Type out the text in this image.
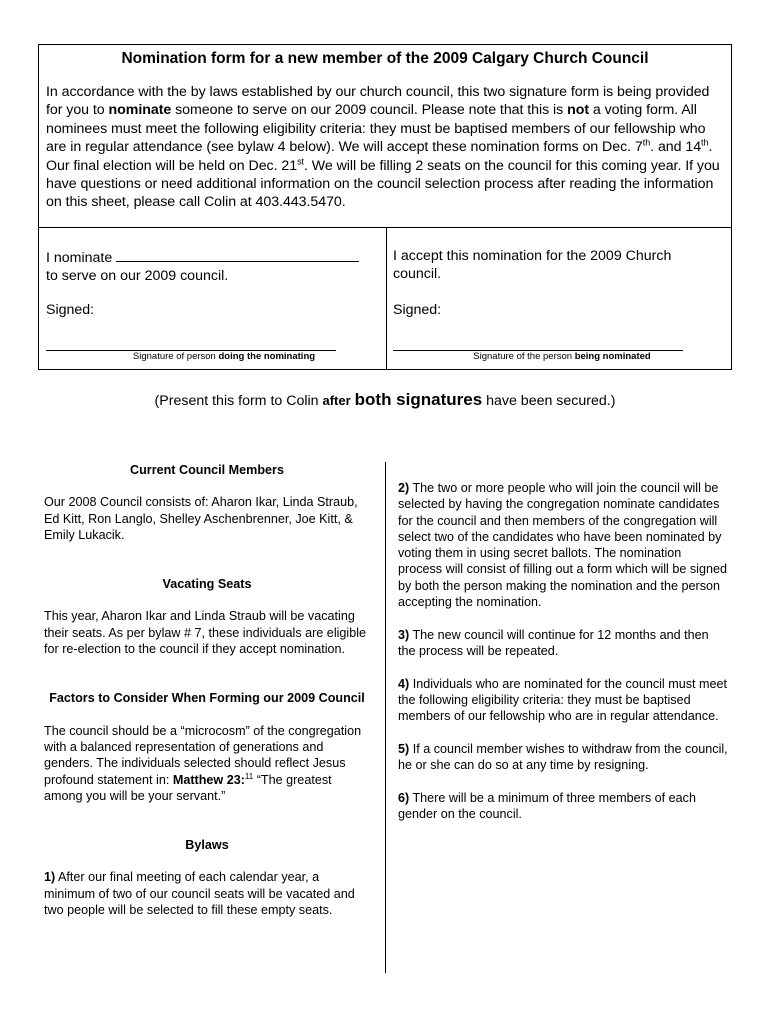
Nomination form for a new member of the 2009 Calgary Church Council
In accordance with the by laws established by our church council, this two signature form is being provided for you to nominate someone to serve on our 2009 council. Please note that this is not a voting form. All nominees must meet the following eligibility criteria: they must be baptised members of our fellowship who are in regular attendance (see bylaw 4 below). We will accept these nomination forms on Dec. 7th. and 14th. Our final election will be held on Dec. 21st. We will be filling 2 seats on the council for this coming year. If you have questions or need additional information on the council selection process after reading the information on this sheet, please call Colin at 403.443.5470.
I nominate
to serve on our 2009 council.
Signed:
Signature of person doing the nominating
I accept this nomination for the 2009 Church council.
Signed:
Signature of the person being nominated
(Present this form to Colin after both signatures have been secured.)
Current Council Members

Our 2008 Council consists of: Aharon Ikar, Linda Straub, Ed Kitt, Ron Langlo, Shelley Aschenbrenner, Joe Kitt, & Emily Lukacik.

Vacating Seats

This year, Aharon Ikar and Linda Straub will be vacating their seats. As per bylaw # 7, these individuals are eligible for re-election to the council if they accept nomination.

Factors to Consider When Forming our 2009 Council

The council should be a “microcosm” of the congregation with a balanced representation of generations and genders. The individuals selected should reflect Jesus profound statement in: Matthew 23:$^{11}$ “The greatest among you will be your servant.”

Bylaws

1) After our final meeting of each calendar year, a minimum of two of our council seats will be vacated and two people will be selected to fill these empty seats.

2) The two or more people who will join the council will be selected by having the congregation nominate candidates for the council and then members of the congregation will select two of the candidates who have been nominated by voting them in using secret ballots. The nomination process will consist of filling out a form which will be signed by both the person making the nomination and the person accepting the nomination.

3) The new council will continue for 12 months and then the process will be repeated.

4) Individuals who are nominated for the council must meet the following eligibility criteria: they must be baptised members of our fellowship who are in regular attendance.

5) If a council member wishes to withdraw from the council, he or she can do so at any time by resigning.

6) There will be a minimum of three members of each gender on the council.
